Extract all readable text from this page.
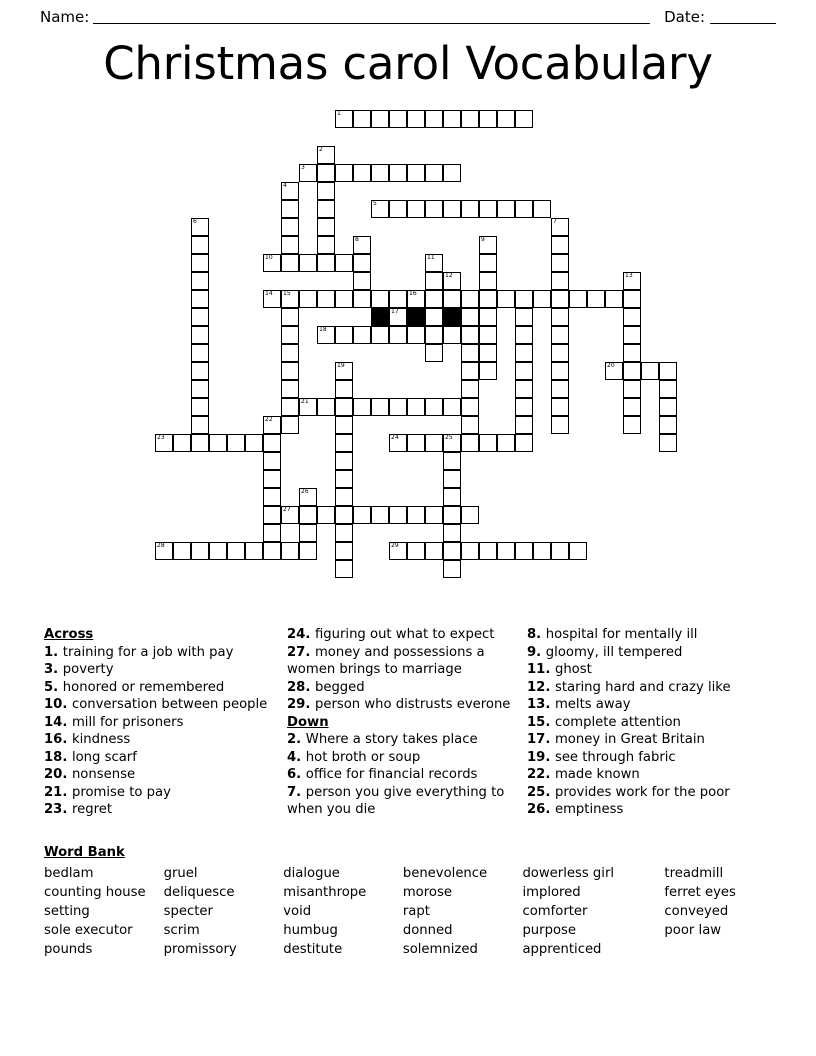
Name:	Date:
Christmas carol Vocabulary
1
2
3
4
5
6	7
8	9
10	11
12	13
14 15	16
17
18
19	20
21
22
23	24	25
26
27
28	29
Across
1. training for a job with pay
3. poverty
5. honored or remembered
10. conversation between people
14. mill for prisoners
16. kindness
18. long scarf
20. nonsense
21. promise to pay
23. regret
24. figuring out what to expect
27. money and possessions a women brings to marriage
28. begged
29. person who distrusts everone
Down
2. Where a story takes place
4. hot broth or soup
6. office for financial records
7. person you give everything to when you die
8. hospital for mentally ill
9. gloomy, ill tempered
11. ghost
12. staring hard and crazy like
13. melts away
15. complete attention
17. money in Great Britain
19. see through fabric
22. made known
25. provides work for the poor
26. emptiness
Word Bank
bedlam
counting house
setting
sole executor
pounds
gruel
deliquesce
specter
scrim
promissory
dialogue
misanthrope
void
humbug
destitute
benevolence
morose
rapt
donned
solemnized
dowerless girl
implored
comforter
purpose
apprenticed
treadmill
ferret eyes
conveyed
poor law
